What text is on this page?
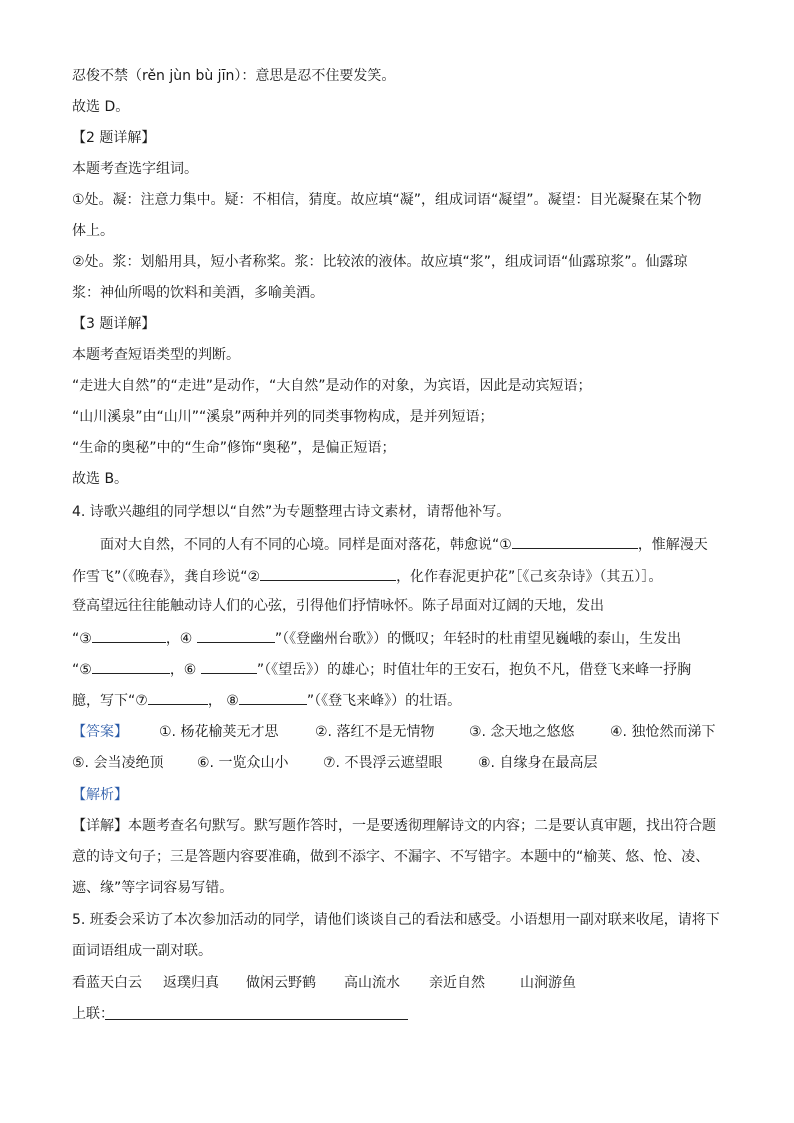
忍俊不禁（rěn jùn bù jīn）：意思是忍不住要发笑。
故选 D。
【2 题详解】
本题考查选字组词。
①处。凝：注意力集中。疑：不相信，猜度。故应填“凝”，组成词语“凝望”。凝望：目光凝聚在某个物
体上。
②处。浆：划船用具，短小者称桨。浆：比较浓的液体。故应填“浆”，组成词语“仙露琼浆”。仙露琼
浆：神仙所喝的饮料和美酒，多喻美酒。
【3 题详解】
本题考查短语类型的判断。
“走进大自然”的“走进”是动作，“大自然”是动作的对象，为宾语，因此是动宾短语；
“山川溪泉”由“山川”“溪泉”两种并列的同类事物构成，是并列短语；
“生命的奥秘”中的“生命”修饰“奥秘”，是偏正短语；
故选 B。
4. 诗歌兴趣组的同学想以“自然”为专题整理古诗文素材，请帮他补写。
面对大自然，不同的人有不同的心境。同样是面对落花，韩愈说“①	，惟解漫天
作雪飞”（《晚春》，龚自珍说“②	，化作春泥更护花”［《己亥杂诗》（其五）］。
登高望远往往能触动诗人们的心弦，引得他们抒情咏怀。陈子昂面对辽阔的天地，发出
“③	，④	”（《登幽州台歌》）的慨叹；年轻时的杜甫望见巍峨的泰山，生发出
“⑤	，⑥	”（《望岳》）的雄心；时值壮年的王安石，抱负不凡，借登飞来峰一抒胸
臆，写下“⑦	， ⑧	”（《登飞来峰》）的壮语。
【答案】 ①. 杨花榆荚无才思	②. 落红不是无情物 ③. 念天地之悠悠	④. 独怆然而涕下
⑤. 会当凌绝顶 ⑥. 一览众山小 ⑦. 不畏浮云遮望眼	⑧. 自缘身在最高层
【解析】
【详解】本题考查名句默写。默写题作答时，一是要透彻理解诗文的内容；二是要认真审题，找出符合题
意的诗文句子；三是答题内容要准确，做到不添字、不漏字、不写错字。本题中的“榆荚、悠、怆、凌、
遮、缘”等字词容易写错。
5. 班委会采访了本次参加活动的同学，请他们谈谈自己的看法和感受。小语想用一副对联来收尾，请将下
面词语组成一副对联。
看蓝天白云 返璞归真 做闲云野鹤 高山流水 亲近自然	山涧游鱼
上联：
